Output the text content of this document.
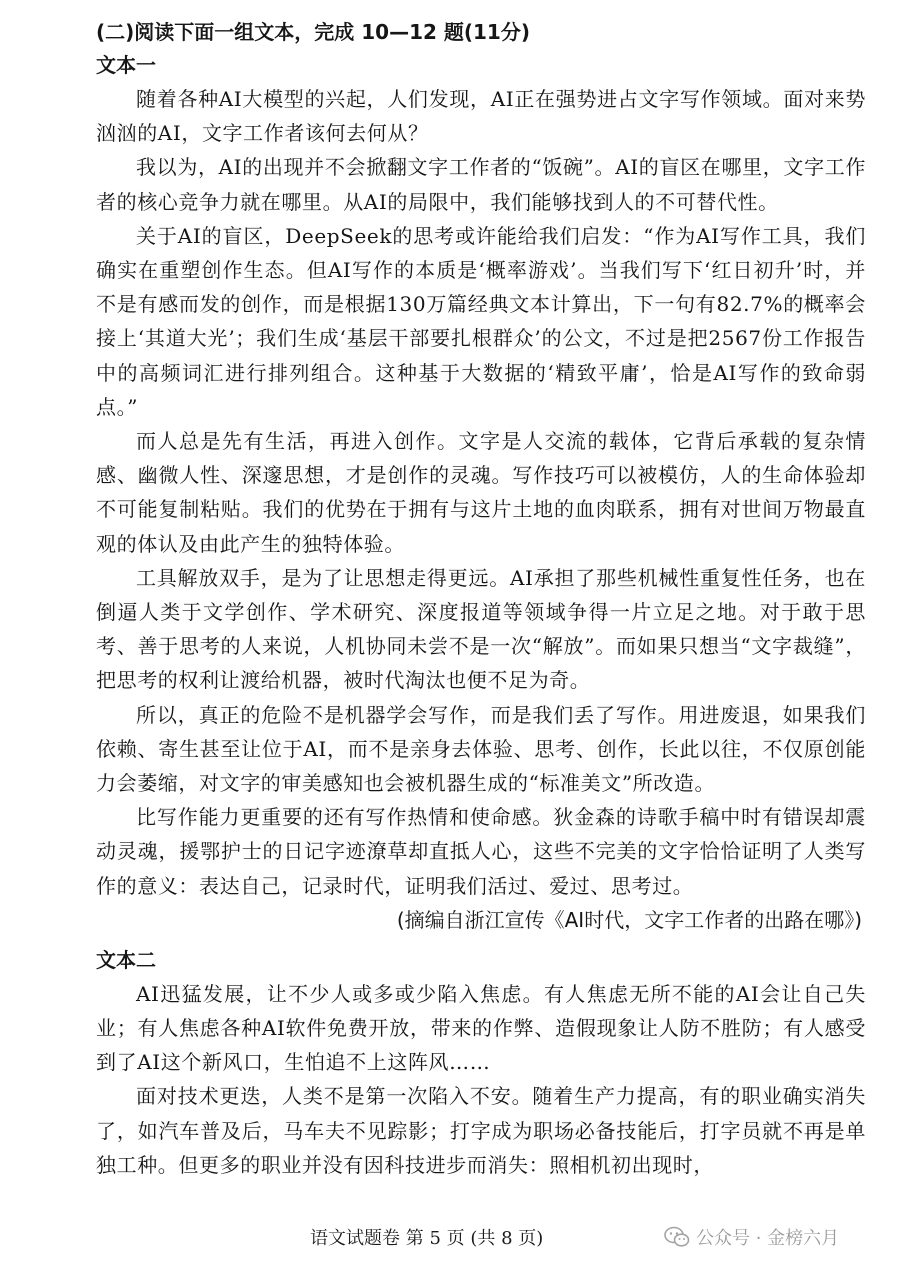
(二)阅读下面一组文本，完成 10—12 题(11分)
文本一

随着各种AI大模型的兴起，人们发现，AI正在强势进占文字写作领域。面对来势汹汹的AI，文字工作者该何去何从？

我以为，AI的出现并不会掀翻文字工作者的“饭碗”。AI的盲区在哪里，文字工作者的核心竞争力就在哪里。从AI的局限中，我们能够找到人的不可替代性。

关于AI的盲区，DeepSeek的思考或许能给我们启发：“作为AI写作工具，我们确实在重塑创作生态。但AI写作的本质是‘概率游戏’。当我们写下‘红日初升’时，并不是有感而发的创作，而是根据130万篇经典文本计算出，下一句有82.7%的概率会接上‘其道大光’；我们生成‘基层干部要扎根群众’的公文，不过是把2567份工作报告中的高频词汇进行排列组合。这种基于大数据的‘精致平庸’，恰是AI写作的致命弱点。”

而人总是先有生活，再进入创作。文字是人交流的载体，它背后承载的复杂情感、幽微人性、深邃思想，才是创作的灵魂。写作技巧可以被模仿，人的生命体验却不可能复制粘贴。我们的优势在于拥有与这片土地的血肉联系，拥有对世间万物最直观的体认及由此产生的独特体验。

工具解放双手，是为了让思想走得更远。AI承担了那些机械性重复性任务，也在倒逼人类于文学创作、学术研究、深度报道等领域争得一片立足之地。对于敢于思考、善于思考的人来说，人机协同未尝不是一次“解放”。而如果只想当“文字裁缝”，把思考的权利让渡给机器，被时代淘汰也便不足为奇。

所以，真正的危险不是机器学会写作，而是我们丢了写作。用进废退，如果我们依赖、寄生甚至让位于AI，而不是亲身去体验、思考、创作，长此以往，不仅原创能力会萎缩，对文字的审美感知也会被机器生成的“标准美文”所改造。

比写作能力更重要的还有写作热情和使命感。狄金森的诗歌手稿中时有错误却震动灵魂，援鄂护士的日记字迹潦草却直抵人心，这些不完美的文字恰恰证明了人类写作的意义：表达自己，记录时代，证明我们活过、爱过、思考过。

(摘编自浙江宣传《AI时代，文字工作者的出路在哪》)

文本二

AI迅猛发展，让不少人或多或少陷入焦虑。有人焦虑无所不能的AI会让自己失业；有人焦虑各种AI软件免费开放，带来的作弊、造假现象让人防不胜防；有人感受到了AI这个新风口，生怕追不上这阵风……

面对技术更迭，人类不是第一次陷入不安。随着生产力提高，有的职业确实消失了，如汽车普及后，马车夫不见踪影；打字成为职场必备技能后，打字员就不再是单独工种。但更多的职业并没有因科技进步而消失：照相机初出现时，

语文试题卷 第 5 页 (共 8 页)	公众号 · 金榜六月
